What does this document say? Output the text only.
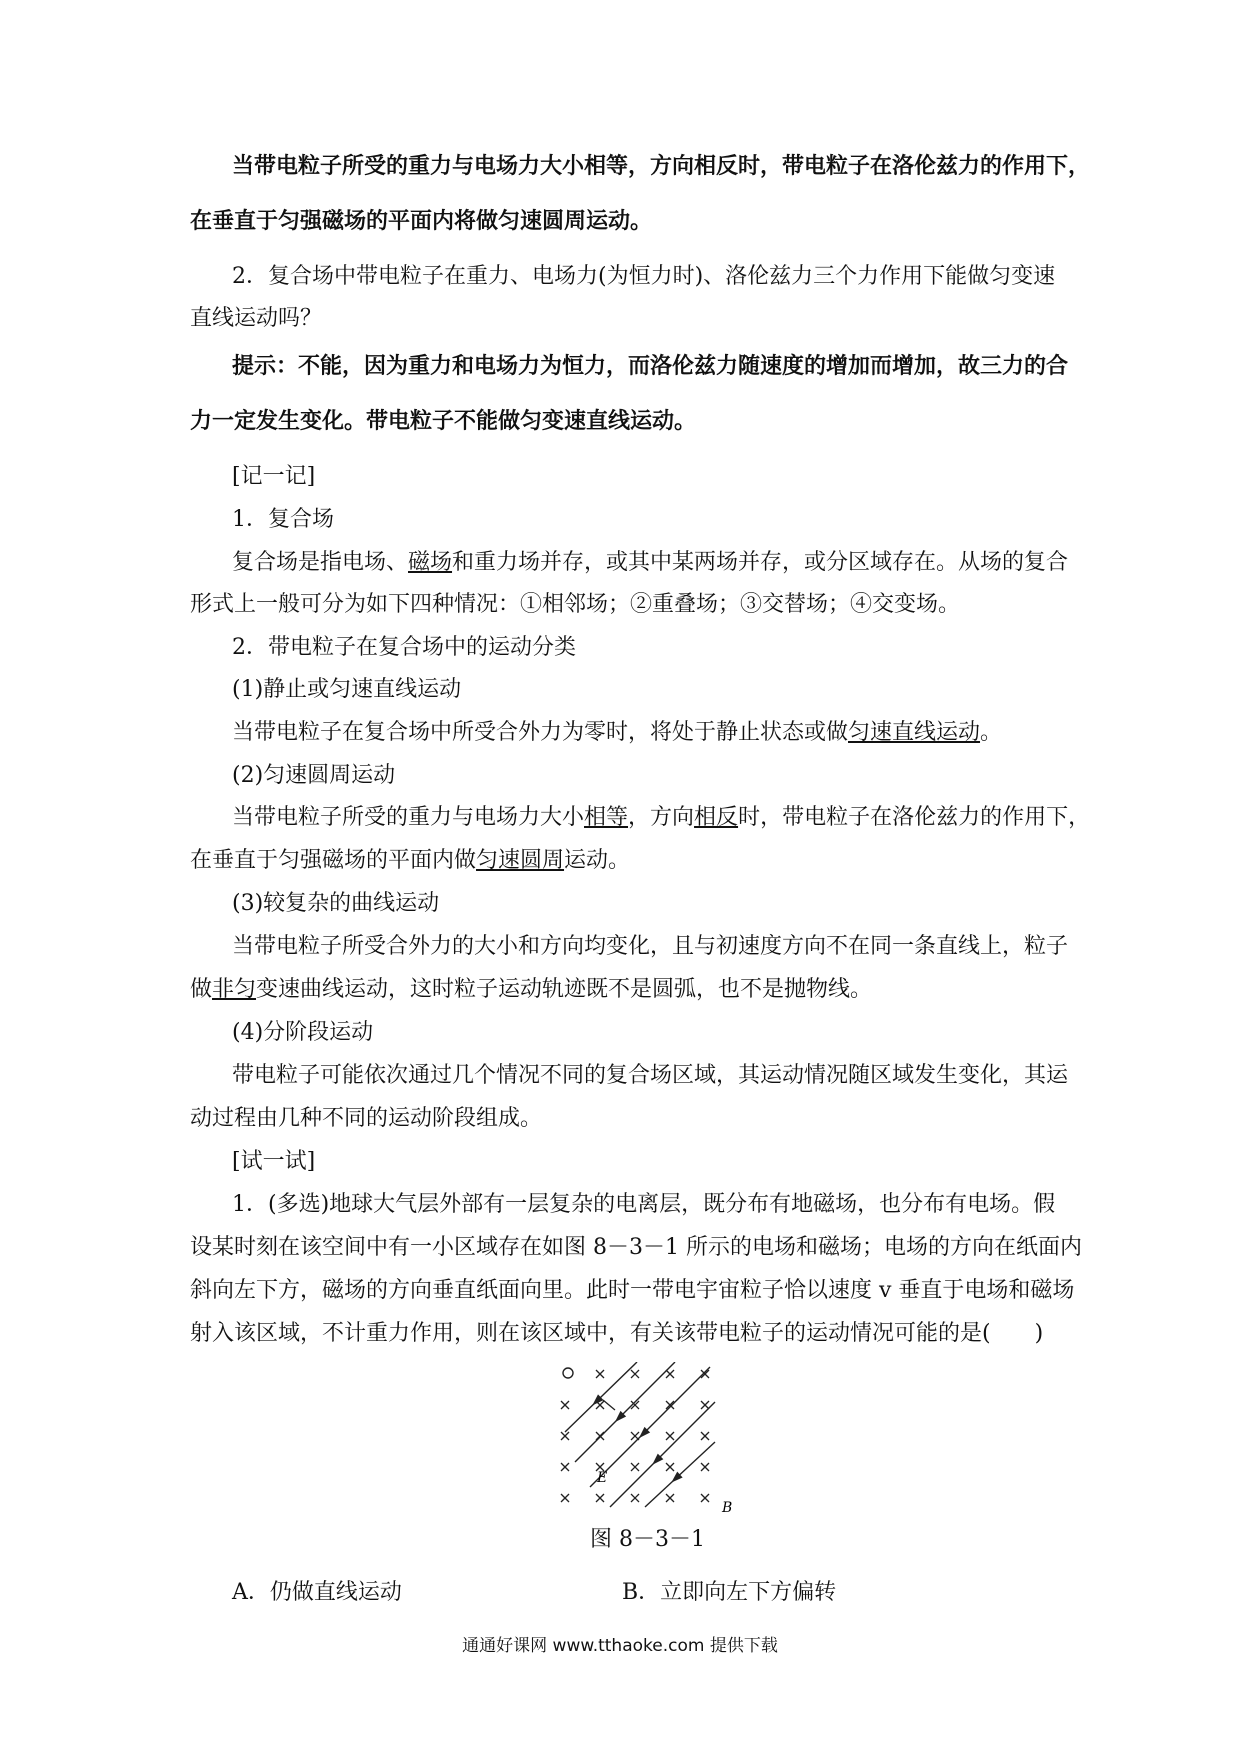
当带电粒子所受的重力与电场力大小相等，方向相反时，带电粒子在洛伦兹力的作用下，
在垂直于匀强磁场的平面内将做匀速圆周运动。
2．复合场中带电粒子在重力、电场力(为恒力时)、洛伦兹力三个力作用下能做匀变速
直线运动吗？
提示：不能，因为重力和电场力为恒力，而洛伦兹力随速度的增加而增加，故三力的合
力一定发生变化。带电粒子不能做匀变速直线运动。
[记一记]
1．复合场
复合场是指电场、磁场和重力场并存，或其中某两场并存，或分区域存在。从场的复合
形式上一般可分为如下四种情况：①相邻场；②重叠场；③交替场；④交变场。
2．带电粒子在复合场中的运动分类
(1)静止或匀速直线运动
当带电粒子在复合场中所受合外力为零时，将处于静止状态或做匀速直线运动。
(2)匀速圆周运动
当带电粒子所受的重力与电场力大小相等，方向相反时，带电粒子在洛伦兹力的作用下，
在垂直于匀强磁场的平面内做匀速圆周运动。
(3)较复杂的曲线运动
当带电粒子所受合外力的大小和方向均变化，且与初速度方向不在同一条直线上，粒子
做非匀变速曲线运动，这时粒子运动轨迹既不是圆弧，也不是抛物线。
(4)分阶段运动
带电粒子可能依次通过几个情况不同的复合场区域，其运动情况随区域发生变化，其运
动过程由几种不同的运动阶段组成。
[试一试]
1．(多选)地球大气层外部有一层复杂的电离层，既分布有地磁场，也分布有电场。假
设某时刻在该空间中有一小区域存在如图 8－3－1 所示的电场和磁场；电场的方向在纸面内
斜向左下方，磁场的方向垂直纸面向里。此时一带电宇宙粒子恰以速度 v 垂直于电场和磁场
射入该区域，不计重力作用，则在该区域中，有关该带电粒子的运动情况可能的是(　　)
E
B
图 8－3－1
A．仍做直线运动	B．立即向左下方偏转
通通好课网 www.tthaoke.com 提供下载
